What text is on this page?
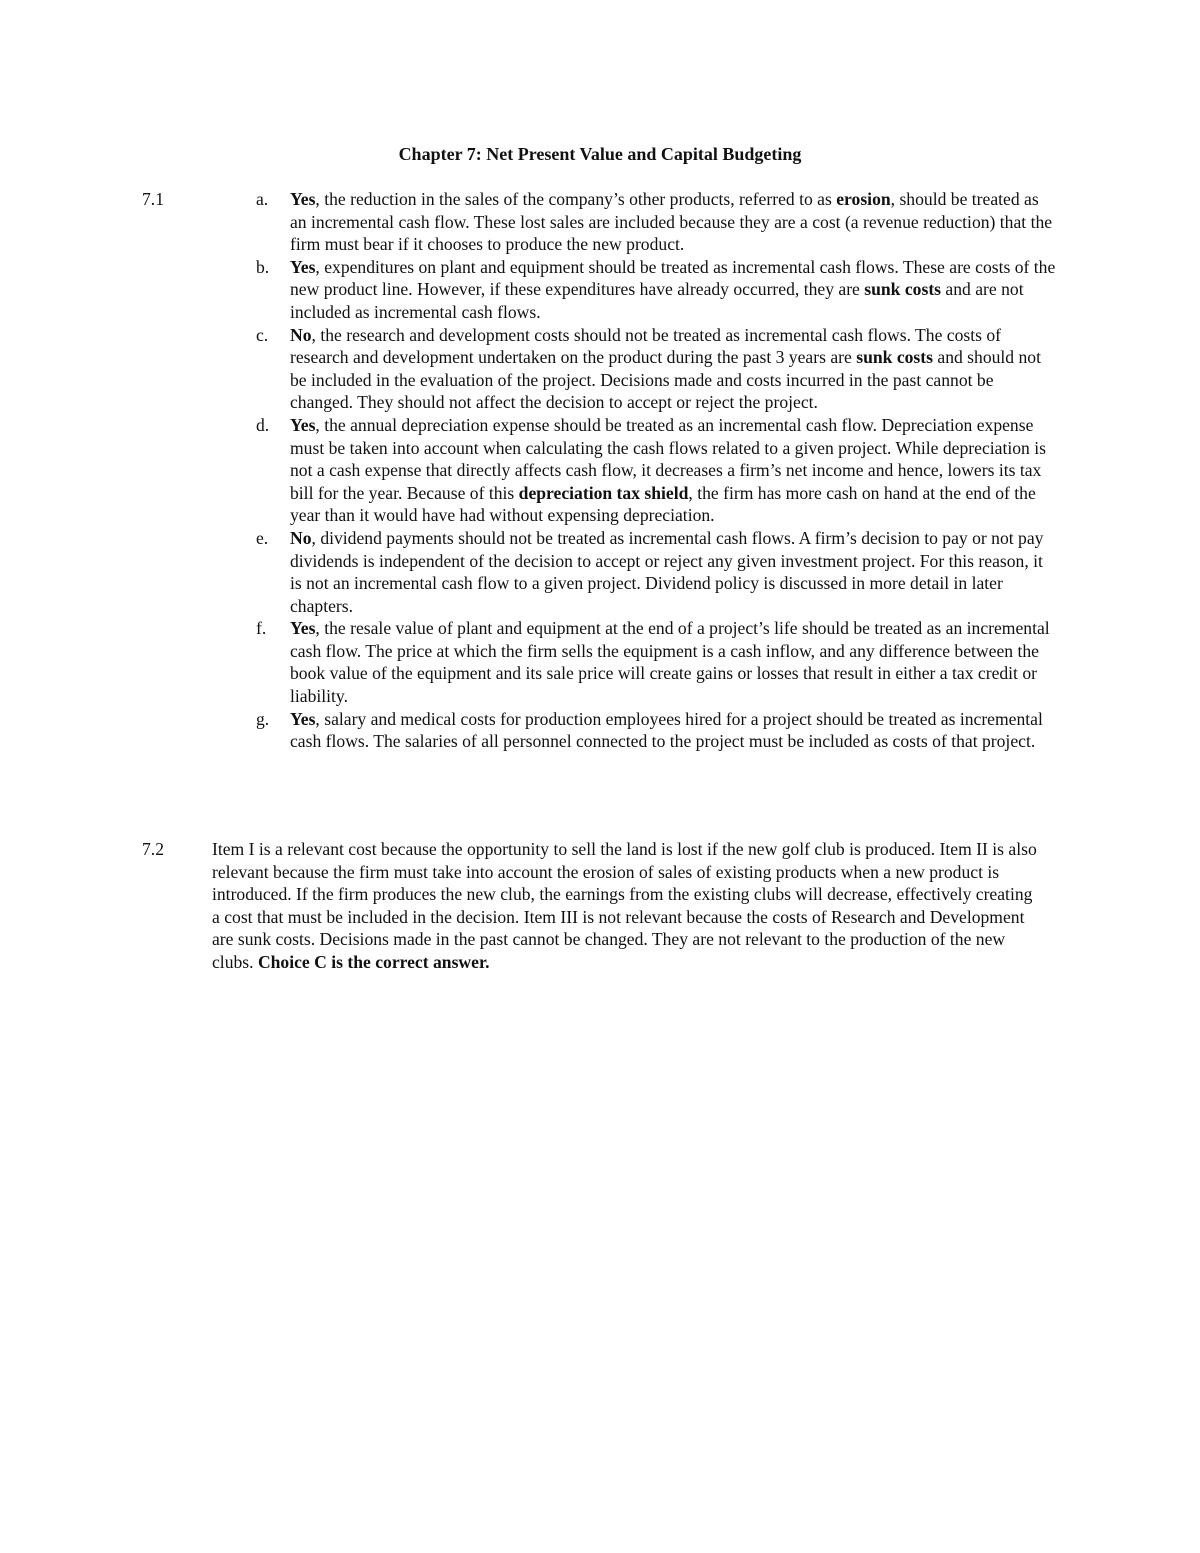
Chapter 7: Net Present Value and Capital Budgeting
7.1	a. Yes, the reduction in the sales of the company’s other products, referred to as erosion, should be treated as an incremental cash flow. These lost sales are included because they are a cost (a revenue reduction) that the firm must bear if it chooses to produce the new product.
b. Yes, expenditures on plant and equipment should be treated as incremental cash flows. These are costs of the new product line. However, if these expenditures have already occurred, they are sunk costs and are not included as incremental cash flows.
c. No, the research and development costs should not be treated as incremental cash flows. The costs of research and development undertaken on the product during the past 3 years are sunk costs and should not be included in the evaluation of the project. Decisions made and costs incurred in the past cannot be changed. They should not affect the decision to accept or reject the project.
d. Yes, the annual depreciation expense should be treated as an incremental cash flow. Depreciation expense must be taken into account when calculating the cash flows related to a given project. While depreciation is not a cash expense that directly affects cash flow, it decreases a firm’s net income and hence, lowers its tax bill for the year. Because of this depreciation tax shield, the firm has more cash on hand at the end of the year than it would have had without expensing depreciation.
e. No, dividend payments should not be treated as incremental cash flows. A firm’s decision to pay or not pay dividends is independent of the decision to accept or reject any given investment project. For this reason, it is not an incremental cash flow to a given project. Dividend policy is discussed in more detail in later chapters.
f. Yes, the resale value of plant and equipment at the end of a project’s life should be treated as an incremental cash flow. The price at which the firm sells the equipment is a cash inflow, and any difference between the book value of the equipment and its sale price will create gains or losses that result in either a tax credit or liability.
g. Yes, salary and medical costs for production employees hired for a project should be treated as incremental cash flows. The salaries of all personnel connected to the project must be included as costs of that project.
7.2	Item I is a relevant cost because the opportunity to sell the land is lost if the new golf club is produced. Item II is also relevant because the firm must take into account the erosion of sales of existing products when a new product is introduced. If the firm produces the new club, the earnings from the existing clubs will decrease, effectively creating a cost that must be included in the decision. Item III is not relevant because the costs of Research and Development are sunk costs. Decisions made in the past cannot be changed. They are not relevant to the production of the new clubs. Choice C is the correct answer.
